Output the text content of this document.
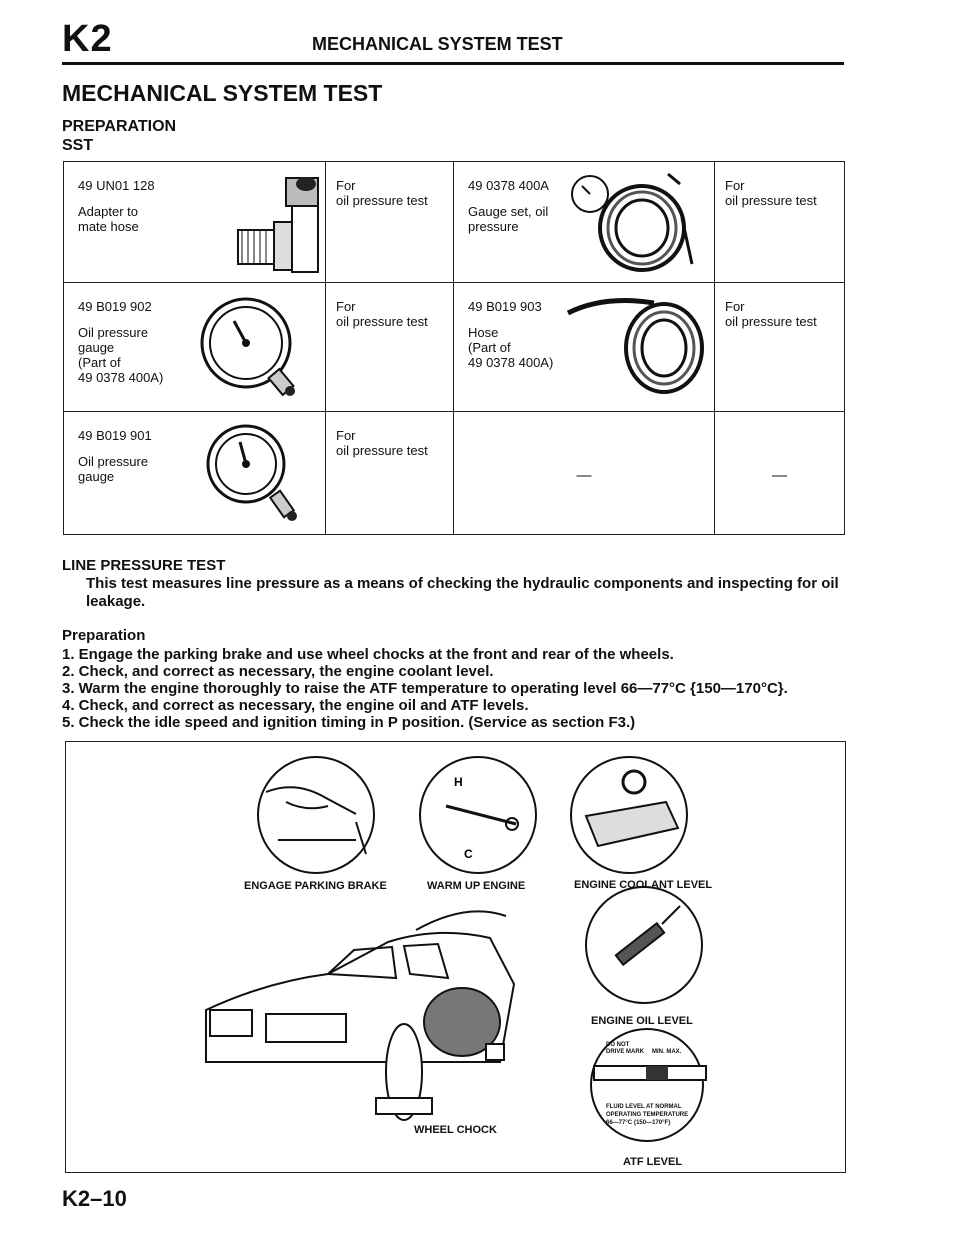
K2	MECHANICAL SYSTEM TEST
MECHANICAL SYSTEM TEST
PREPARATION
SST
49 UN01 128
Adapter to
mate hose	For
oil pressure test	49 0378 400A
Gauge set, oil
pressure	For
oil pressure test

49 B019 902
Oil pressure
gauge
(Part of
49 0378 400A)	For
oil pressure test	49 B019 903
Hose
(Part of
49 0378 400A)	For
oil pressure test

49 B019 901
Oil pressure
gauge	For
oil pressure test	—	—
LINE PRESSURE TEST
This test measures line pressure as a means of checking the hydraulic components and inspecting for oil leakage.
Preparation
1. Engage the parking brake and use wheel chocks at the front and rear of the wheels.
2. Check, and correct as necessary, the engine coolant level.
3. Warm the engine thoroughly to raise the ATF temperature to operating level 66—77°C {150—170°C}.
4. Check, and correct as necessary, the engine oil and ATF levels.
5. Check the idle speed and ignition timing in P position. (Service as section F3.)
H
C
ENGAGE PARKING BRAKE	WARM UP ENGINE	ENGINE COOLANT LEVEL
ENGINE OIL LEVEL
WHEEL CHOCK
ATF LEVEL
DO NOT
DRIVE MARK MIN. MAX.
FLUID LEVEL AT NORMAL
OPERATING TEMPERATURE
66—77°C {150—170°F}
K2–10
